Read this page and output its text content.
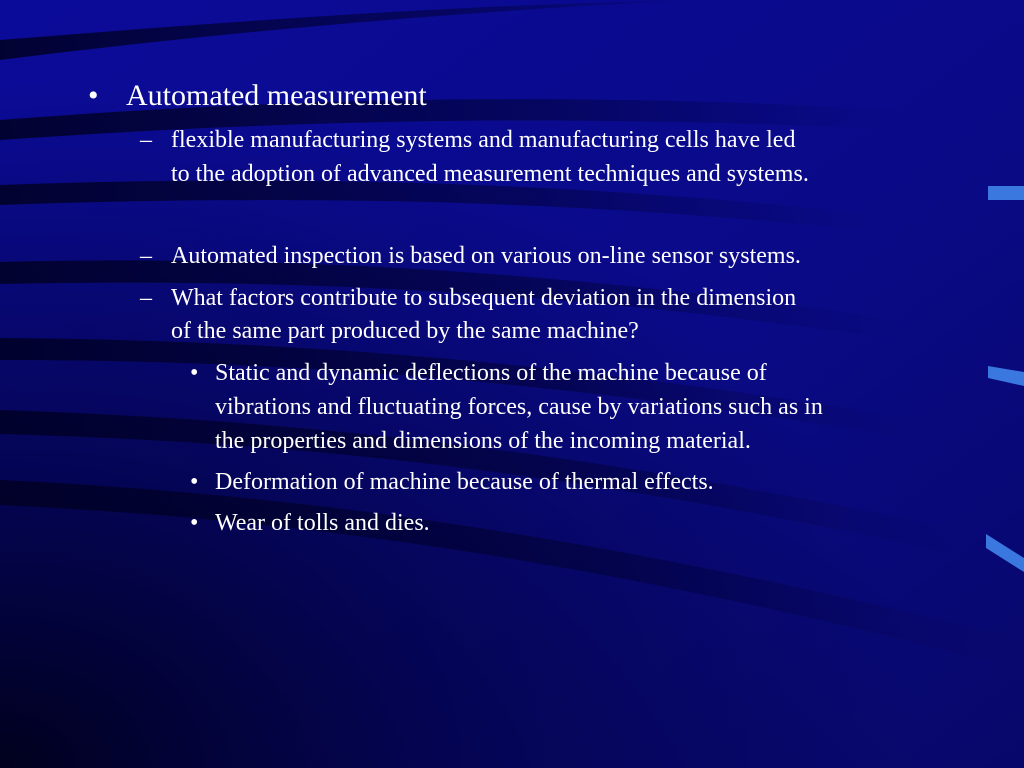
• Automated measurement
– flexible manufacturing systems and manufacturing cells have led
to the adoption of advanced measurement techniques and systems.
– Automated inspection is based on various on-line sensor systems.
– What factors contribute to subsequent deviation in the dimension
of the same part produced by the same machine?
• Static and dynamic deflections of the machine because of
vibrations and fluctuating forces, cause by variations such as in
the properties and dimensions of the incoming material.
• Deformation of machine because of thermal effects.
• Wear of tolls and dies.
